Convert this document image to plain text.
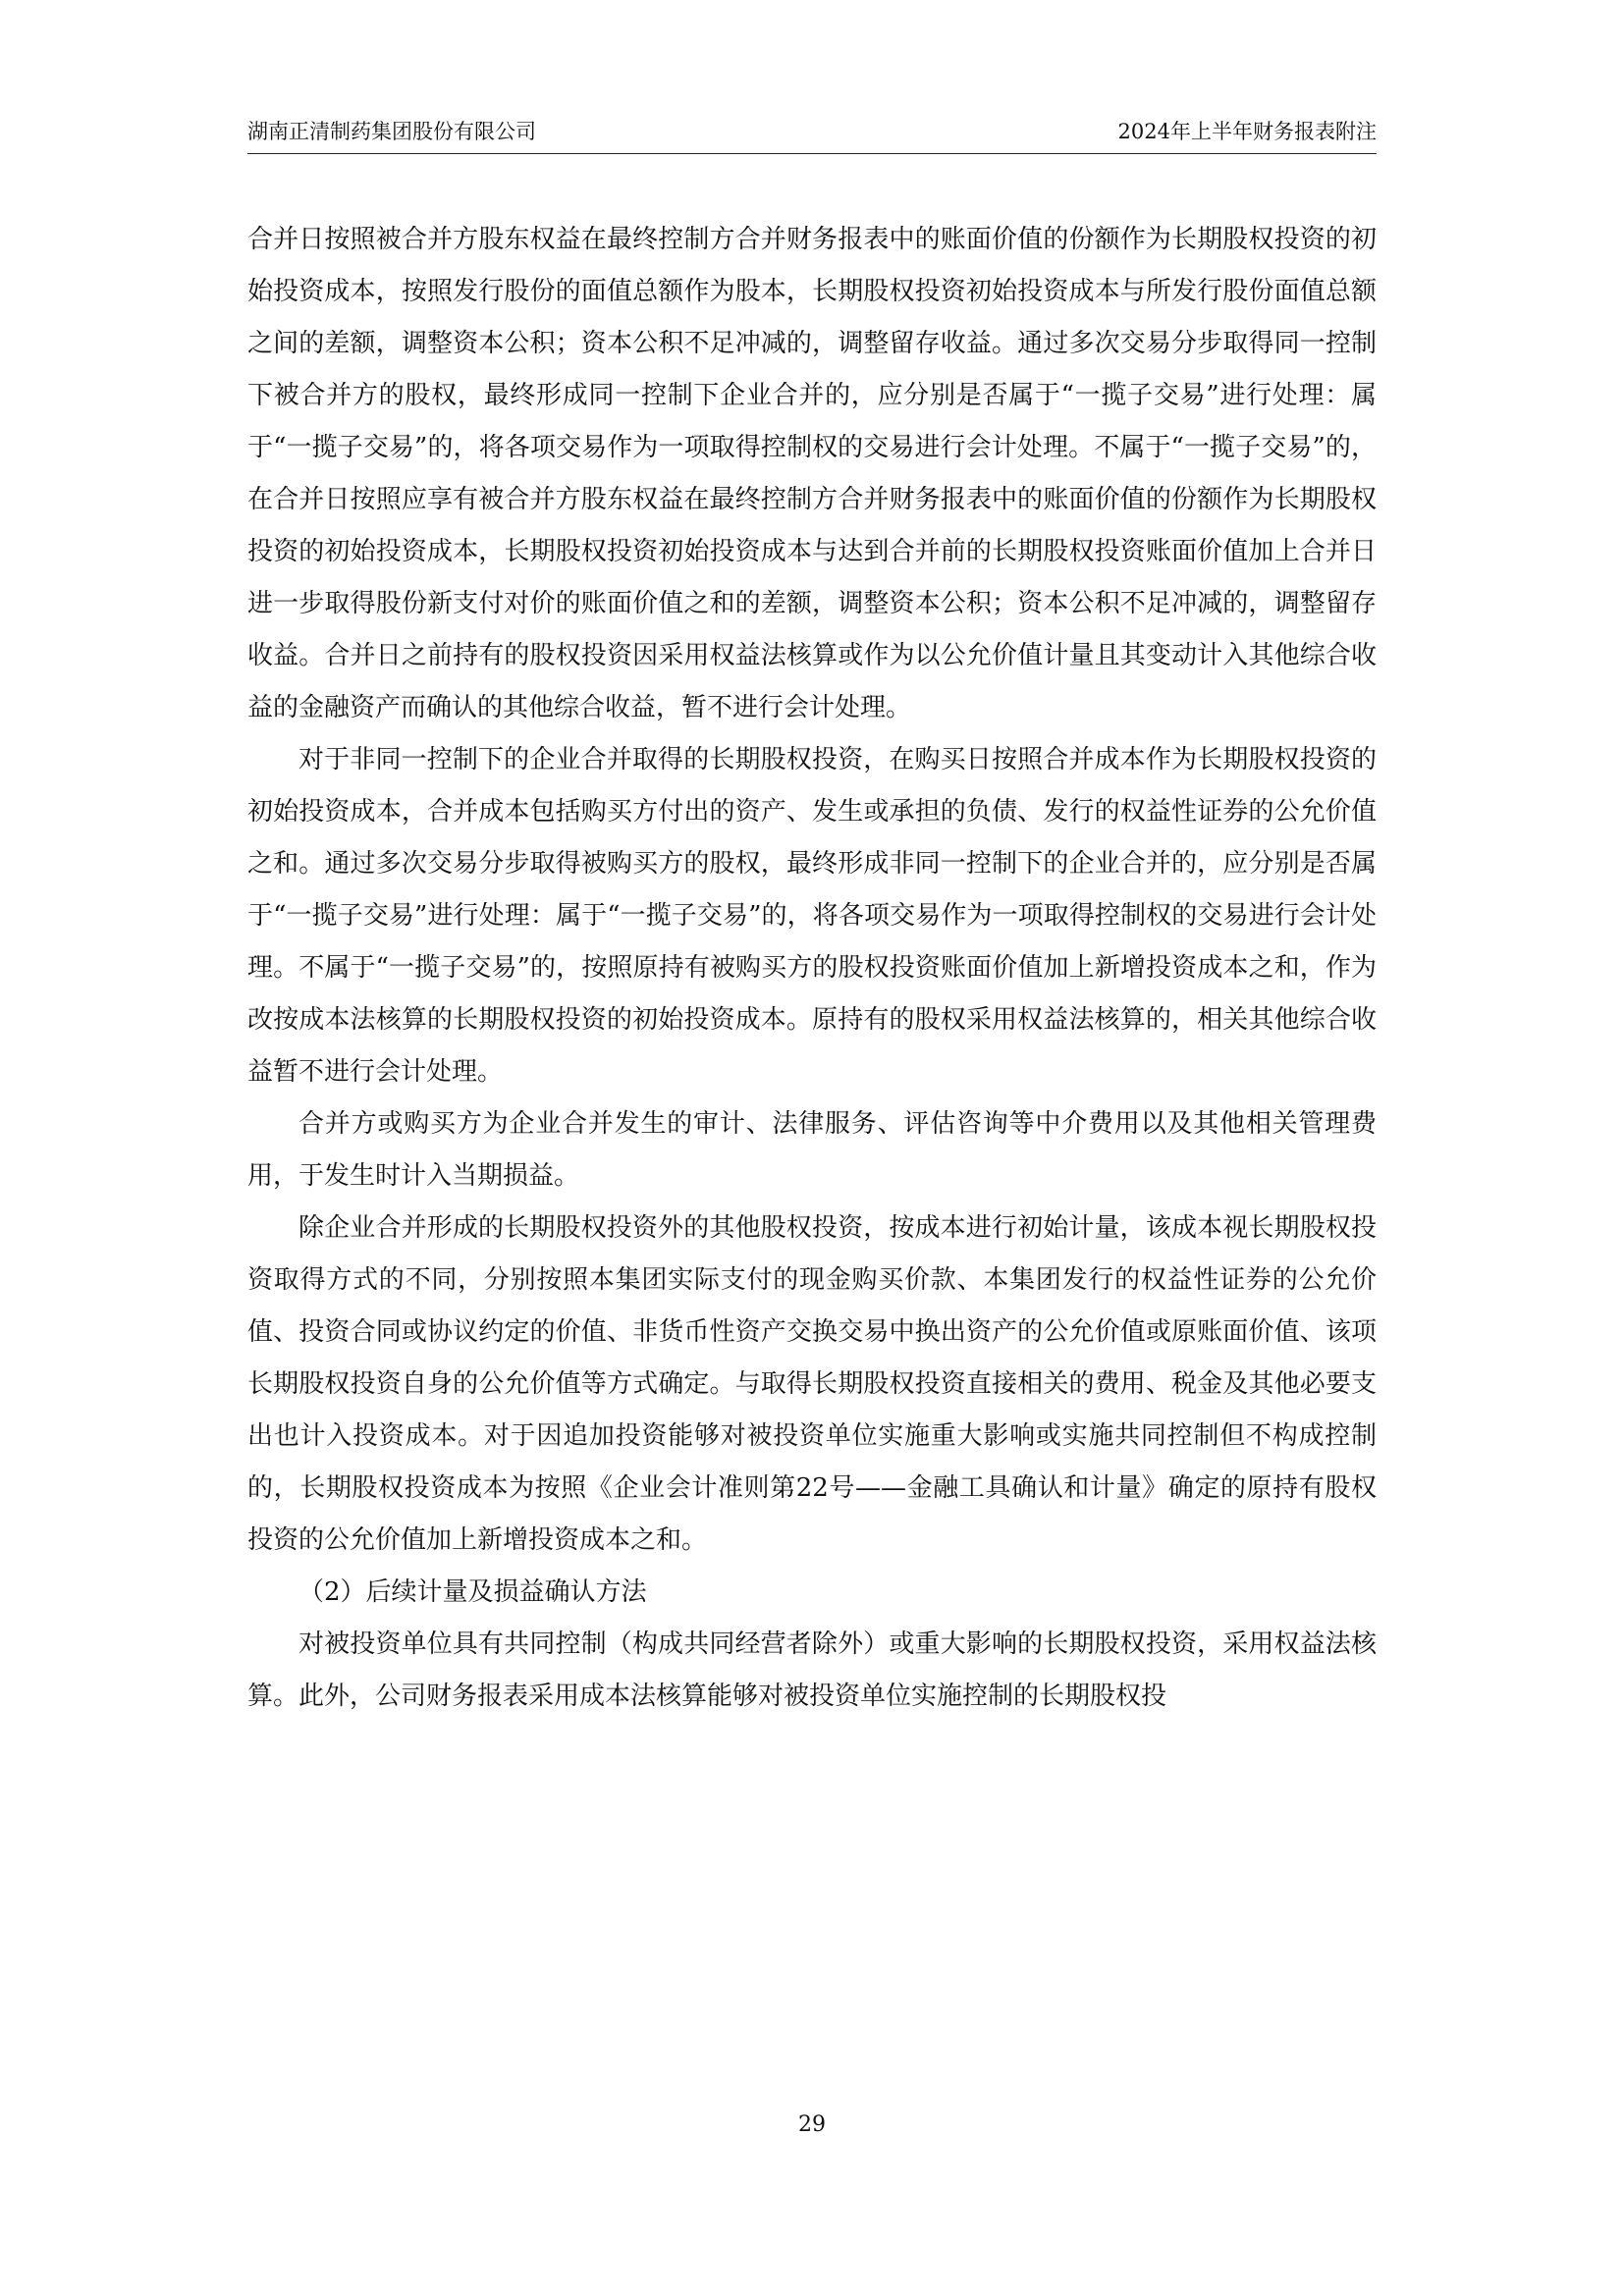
湖南正清制药集团股份有限公司	2024年上半年财务报表附注

合并日按照被合并方股东权益在最终控制方合并财务报表中的账面价值的份额作为长期股权投资的初始投资成本，按照发行股份的面值总额作为股本，长期股权投资初始投资成本与所发行股份面值总额之间的差额，调整资本公积；资本公积不足冲减的，调整留存收益。通过多次交易分步取得同一控制下被合并方的股权，最终形成同一控制下企业合并的，应分别是否属于“一揽子交易”进行处理：属于“一揽子交易”的，将各项交易作为一项取得控制权的交易进行会计处理。不属于“一揽子交易”的，在合并日按照应享有被合并方股东权益在最终控制方合并财务报表中的账面价值的份额作为长期股权投资的初始投资成本，长期股权投资初始投资成本与达到合并前的长期股权投资账面价值加上合并日进一步取得股份新支付对价的账面价值之和的差额，调整资本公积；资本公积不足冲减的，调整留存收益。合并日之前持有的股权投资因采用权益法核算或作为以公允价值计量且其变动计入其他综合收益的金融资产而确认的其他综合收益，暂不进行会计处理。

对于非同一控制下的企业合并取得的长期股权投资，在购买日按照合并成本作为长期股权投资的初始投资成本，合并成本包括购买方付出的资产、发生或承担的负债、发行的权益性证券的公允价值之和。通过多次交易分步取得被购买方的股权，最终形成非同一控制下的企业合并的，应分别是否属于“一揽子交易”进行处理：属于“一揽子交易”的，将各项交易作为一项取得控制权的交易进行会计处理。不属于“一揽子交易”的，按照原持有被购买方的股权投资账面价值加上新增投资成本之和，作为改按成本法核算的长期股权投资的初始投资成本。原持有的股权采用权益法核算的，相关其他综合收益暂不进行会计处理。

合并方或购买方为企业合并发生的审计、法律服务、评估咨询等中介费用以及其他相关管理费用，于发生时计入当期损益。

除企业合并形成的长期股权投资外的其他股权投资，按成本进行初始计量，该成本视长期股权投资取得方式的不同，分别按照本集团实际支付的现金购买价款、本集团发行的权益性证券的公允价值、投资合同或协议约定的价值、非货币性资产交换交易中换出资产的公允价值或原账面价值、该项长期股权投资自身的公允价值等方式确定。与取得长期股权投资直接相关的费用、税金及其他必要支出也计入投资成本。对于因追加投资能够对被投资单位实施重大影响或实施共同控制但不构成控制的，长期股权投资成本为按照《企业会计准则第22号——金融工具确认和计量》确定的原持有股权投资的公允价值加上新增投资成本之和。

（2）后续计量及损益确认方法

对被投资单位具有共同控制（构成共同经营者除外）或重大影响的长期股权投资，采用权益法核算。此外，公司财务报表采用成本法核算能够对被投资单位实施控制的长期股权投

29
